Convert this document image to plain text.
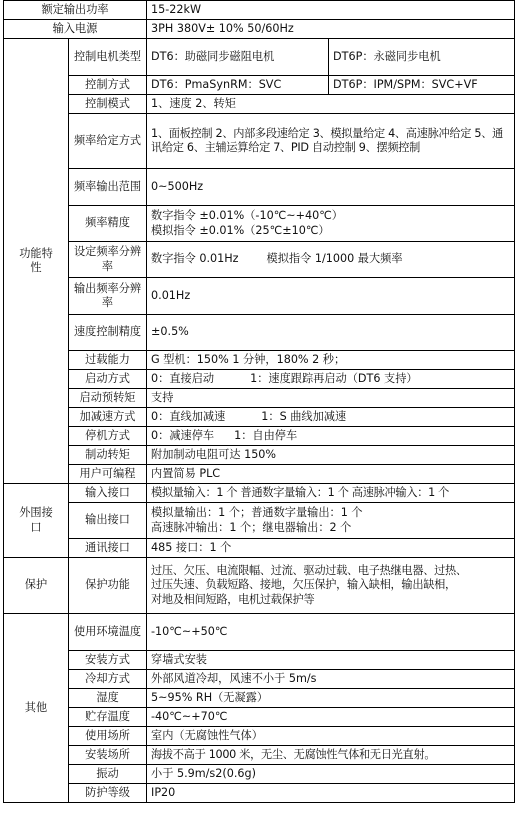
额定输出功率		15-22kW	
输入电源		3PH 380V± 10% 50/60Hz	
功能特性	控制电机类型	DT6：助磁同步磁阻电机	DT6P：永磁同步电机
	控制方式	DT6：PmaSynRM：SVC	DT6P：IPM/SPM：SVC+VF
	控制模式	1、速度 2、转矩	
	频率给定方式	1、面板控制 2、内部多段速给定 3、模拟量给定 4、高速脉冲给定 5、通讯给定 6、主辅运算给定 7、PID 自动控制 9、摆频控制	
	频率输出范围	0~500Hz	
	频率精度	数字指令 ±0.01%（-10℃~+40℃）
模拟指令 ±0.01%（25℃±10℃）	

	设定频率分辨率	数字指令 0.01Hz 模拟指令 1/1000 最大频率	
	输出频率分辨率	0.01Hz	
	速度控制精度	±0.5%	
	过载能力	G 型机：150% 1 分钟，180% 2 秒；	
	启动方式	0：直接启动 1：速度跟踪再启动（DT6 支持）	
	启动预转矩	支持	
	加减速方式	0：直线加减速 1：S 曲线加减速	
	停机方式	0：减速停车 1：自由停车	
	制动转矩	附加制动电阻可达 150%	
	用户可编程	内置简易 PLC	
外围接口	输入接口	模拟量输入：1 个 普通数字量输入：1 个 高速脉冲输入：1 个	
	输出接口	模拟量输出：1 个；普通数字量输出：1 个
高速脉冲输出：1 个；继电器输出：2 个	

	通讯接口	485 接口：1 个	
保护	保护功能	过压、欠压、电流限幅、过流、驱动过载、电子热继电器、过热、
过压失速、负载短路、接地，欠压保护，输入缺相，输出缺相，
对地及相间短路，电机过载保护等	

其他	使用环境温度	-10℃~+50℃	
	安装方式	穿墙式安装	
	冷却方式	外部风道冷却，风速不小于 5m/s	
	湿度	5~95% RH（无凝露）	
	贮存温度	-40℃~+70℃	
	使用场所	室内（无腐蚀性气体）	
	安装场所	海拔不高于 1000 米，无尘、无腐蚀性气体和无日光直射。	
	振动	小于 5.9m/s2(0.6g)	
	防护等级	IP20	
